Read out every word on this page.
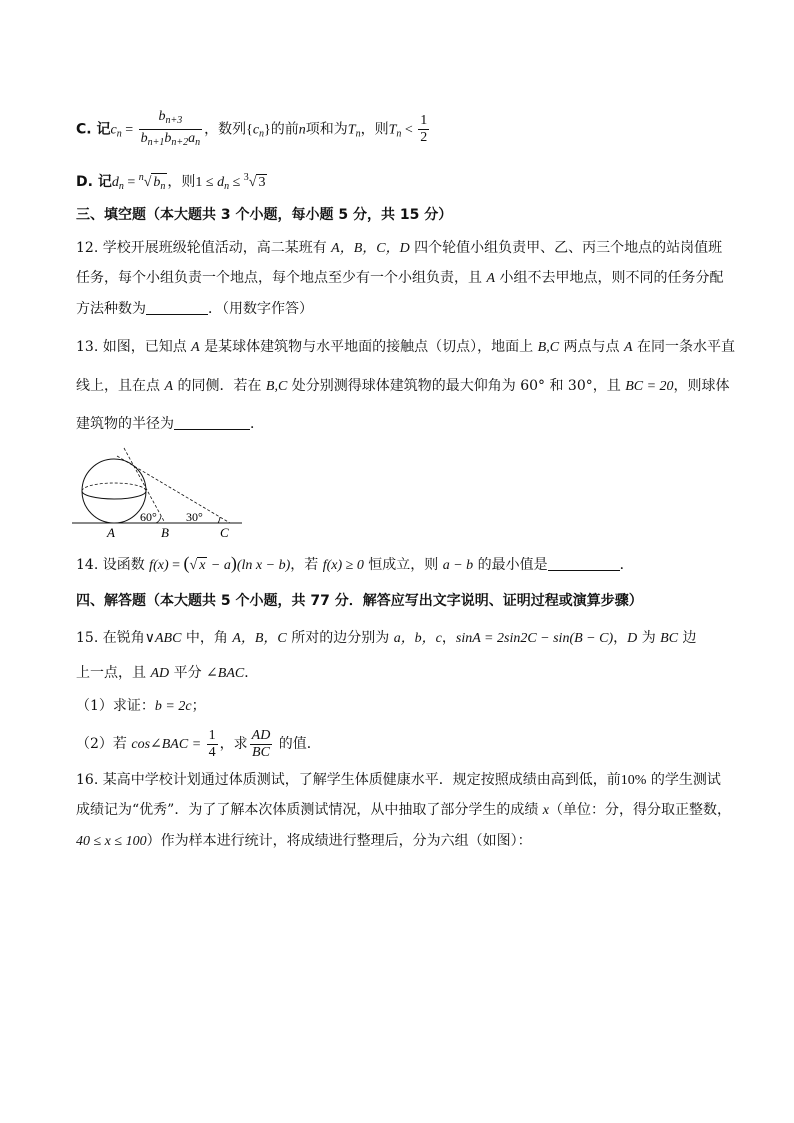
C. 记$c_n = \frac{b_{n+3}}{b_{n+1}b_{n+2}a_n}$ ，数列$\{c_n\}$的前n项和为$T_n$，则$T_n < \frac{1}{2}$
D. 记$d_n = ^n√$ $b_n$ ，则$1 \le d_n \le ^3√$ 3
三、填空题（本大题共 3 个小题，每小题 5 分，共 15 分）
12. 学校开展班级轮值活动，高二某班有 A，B，C，D 四个轮值小组负责甲、乙、丙三个地点的站岗值班
任务，每个小组负责一个地点，每个地点至少有一个小组负责，且 A 小组不去甲地点，则不同的任务分配
方法种数为	．（用数字作答）
13. 如图，已知点 A 是某球体建筑物与水平地面的接触点（切点），地面上 B,C 两点与点 A 在同一条水平直
线上，且在点 A 的同侧．若在 B,C 处分别测得球体建筑物的最大仰角为 60° 和 30°，且 BC = 20，则球体
建筑物的半径为	．
60° 30°
A	B	C
14. 设函数 f(x) = (√ x − a)(ln x − b)，若 f(x) ≥ 0 恒成立，则 a − b 的最小值是	．
四、解答题（本大题共 5 个小题，共 77 分．解答应写出文字说明、证明过程或演算步骤）
15. 在锐角∨ABC 中，角 A，B，C 所对的边分别为 a，b，c，sinA = 2sin2C − sin(B − C)，D 为 BC 边
上一点，且 AD 平分 ∠BAC．
（1）求证：b = 2c；
（2）若 cos∠BAC = $\frac{1}{4}$ ，求 $\frac{AD}{BC}$ 的值．
16. 某高中学校计划通过体质测试，了解学生体质健康水平．规定按照成绩由高到低，前10% 的学生测试
成绩记为“优秀”．为了了解本次体质测试情况，从中抽取了部分学生的成绩 x（单位：分，得分取正整数，
40 ≤ x ≤ 100）作为样本进行统计，将成绩进行整理后，分为六组（如图）：
